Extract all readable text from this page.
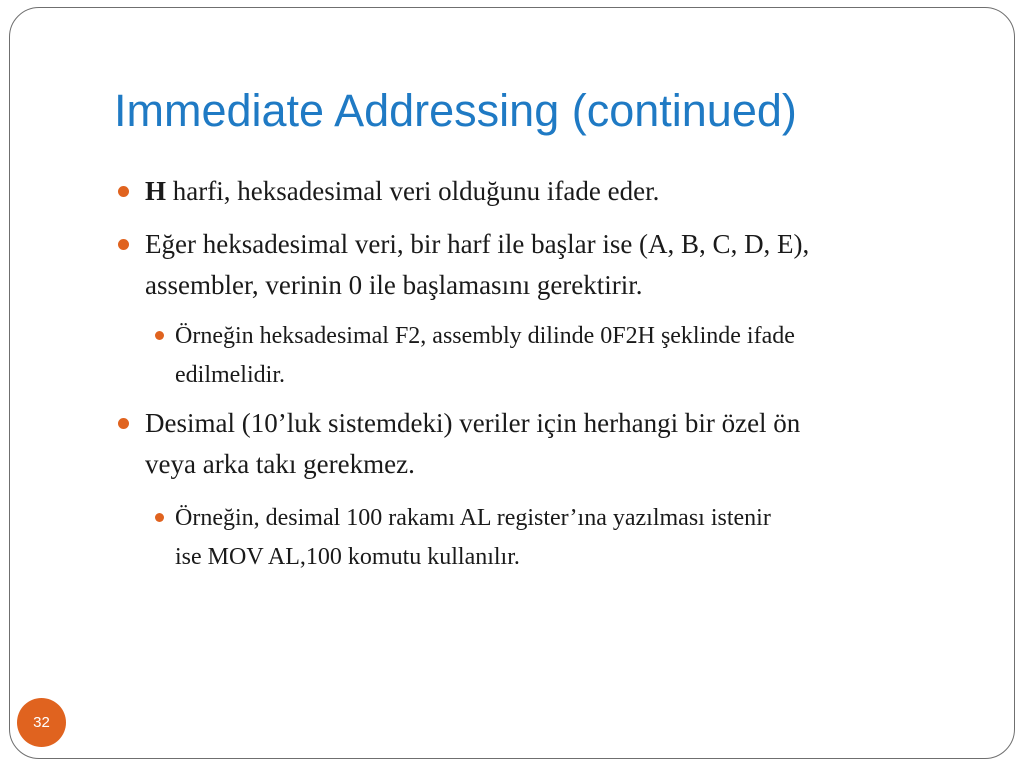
Immediate Addressing (continued)
H harfi, heksadesimal veri olduğunu ifade eder.
Eğer heksadesimal veri, bir harf ile başlar ise (A, B, C, D, E),
assembler, verinin 0 ile başlamasını gerektirir.
Örneğin heksadesimal F2, assembly dilinde 0F2H şeklinde ifade
edilmelidir.
Desimal (10’luk sistemdeki) veriler için herhangi bir özel ön
veya arka takı gerekmez.
Örneğin, desimal 100 rakamı AL register’ına yazılması istenir
ise MOV AL,100 komutu kullanılır.
32
